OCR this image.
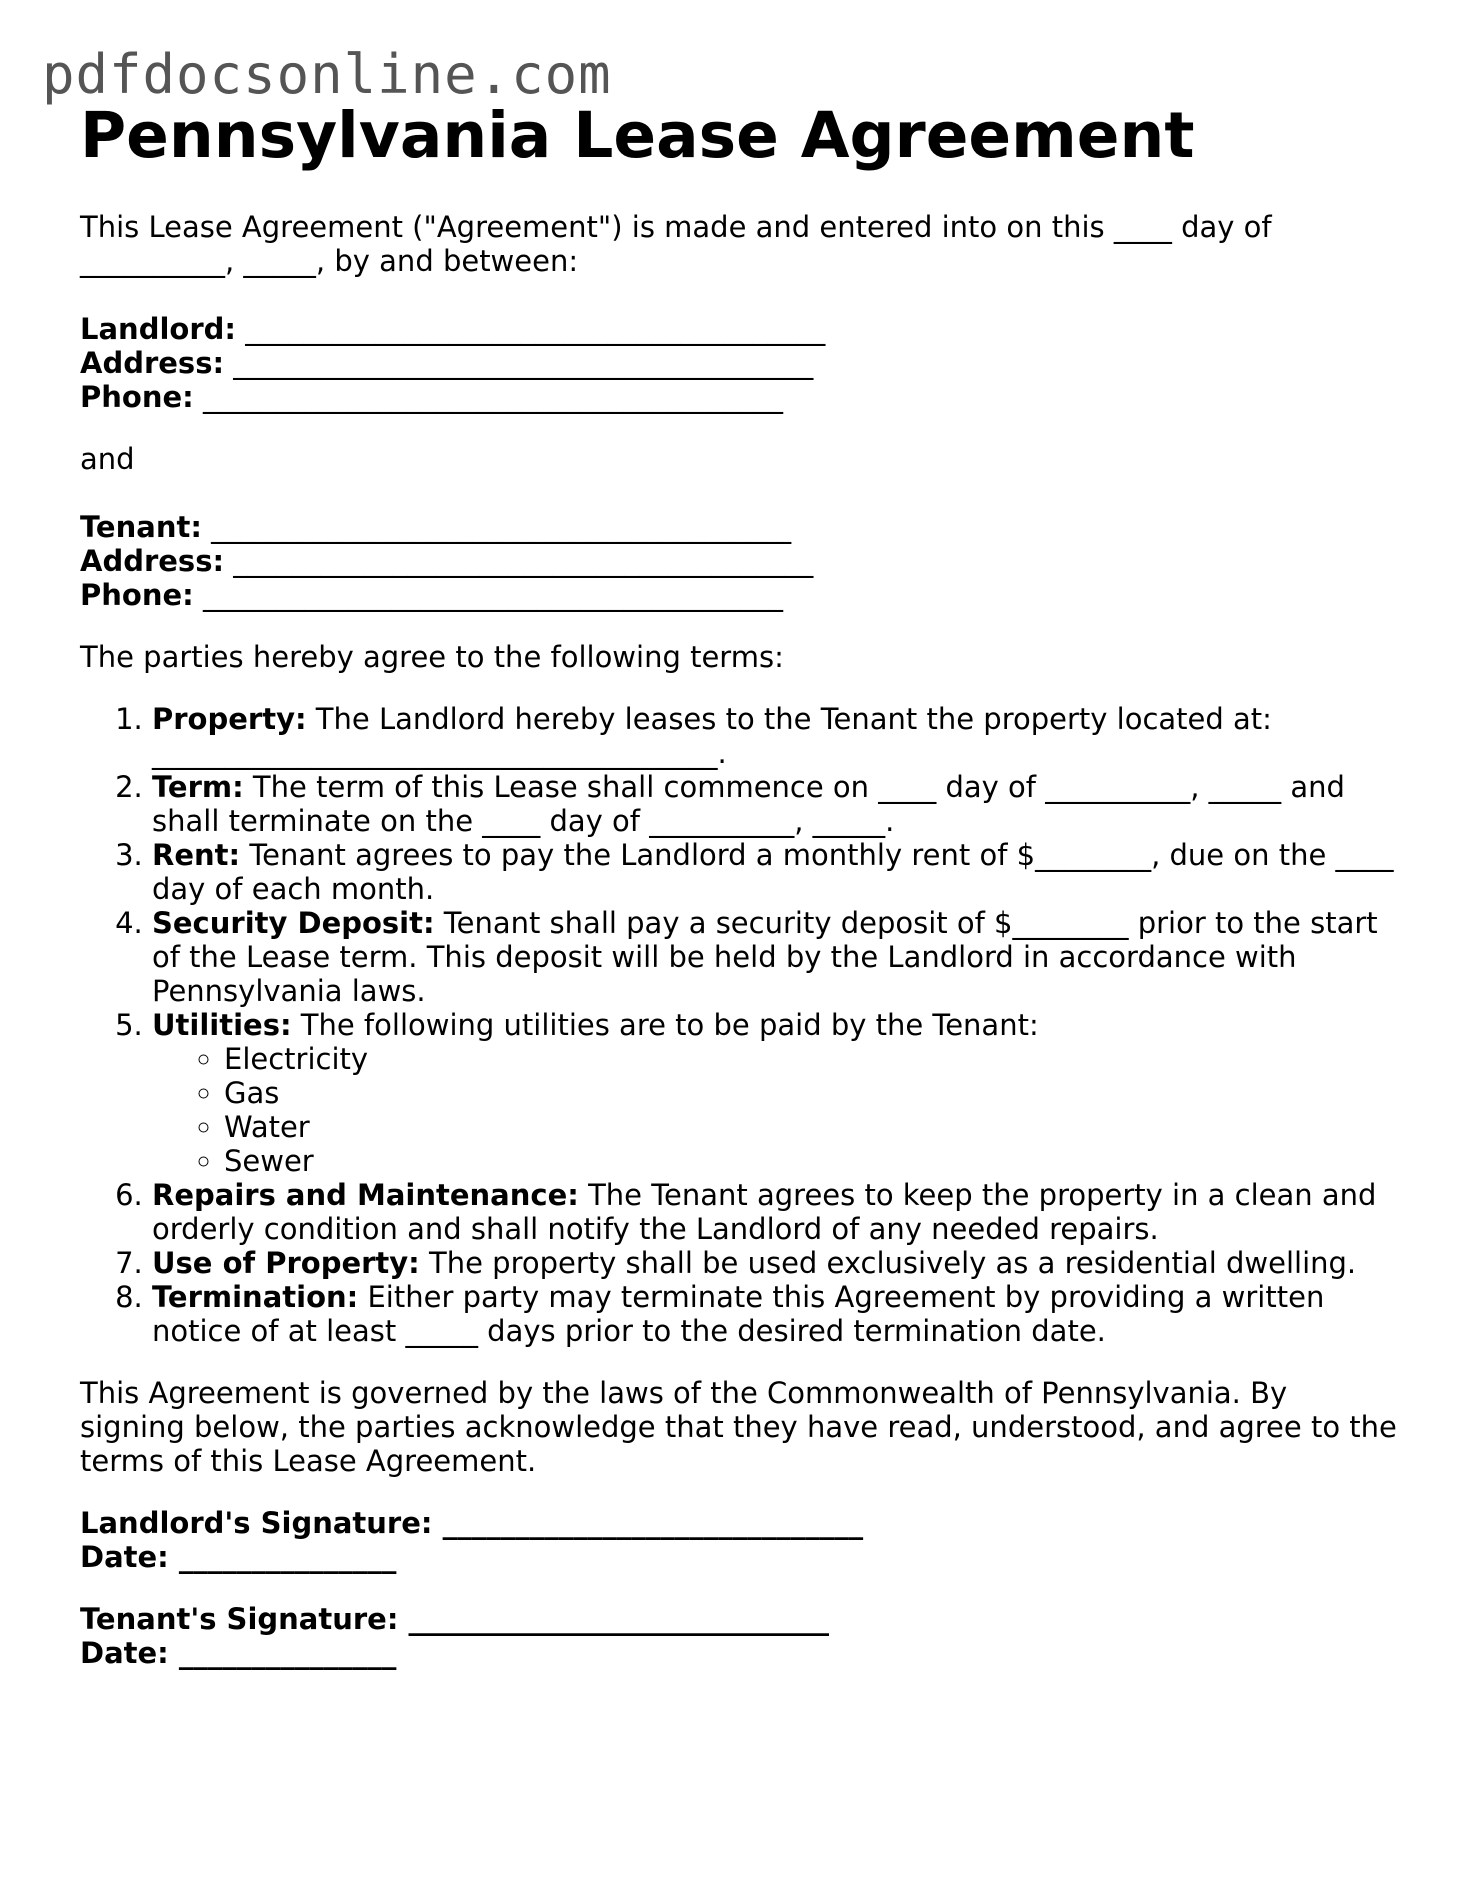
pdfdocsonline.com
Pennsylvania Lease Agreement

This Lease Agreement ("Agreement") is made and entered into on this ____ day of __________, _____, by and between:

Landlord: ________________________________________
Address: ________________________________________
Phone: ________________________________________

and

Tenant: ________________________________________
Address: ________________________________________
Phone: ________________________________________

The parties hereby agree to the following terms:

1. Property: The Landlord hereby leases to the Tenant the property located at: _______________________________________.
2. Term: The term of this Lease shall commence on ____ day of __________, _____ and shall terminate on the ____ day of __________, _____.
3. Rent: Tenant agrees to pay the Landlord a monthly rent of $________, due on the ____ day of each month.
4. Security Deposit: Tenant shall pay a security deposit of $________ prior to the start of the Lease term. This deposit will be held by the Landlord in accordance with Pennsylvania laws.
5. Utilities: The following utilities are to be paid by the Tenant:
◦ Electricity
◦ Gas
◦ Water
◦ Sewer
6. Repairs and Maintenance: The Tenant agrees to keep the property in a clean and orderly condition and shall notify the Landlord of any needed repairs.
7. Use of Property: The property shall be used exclusively as a residential dwelling.
8. Termination: Either party may terminate this Agreement by providing a written notice of at least _____ days prior to the desired termination date.

This Agreement is governed by the laws of the Commonwealth of Pennsylvania. By signing below, the parties acknowledge that they have read, understood, and agree to the terms of this Lease Agreement.

Landlord's Signature: _____________________________
Date: _______________
Tenant's Signature: _____________________________
Date: _______________
